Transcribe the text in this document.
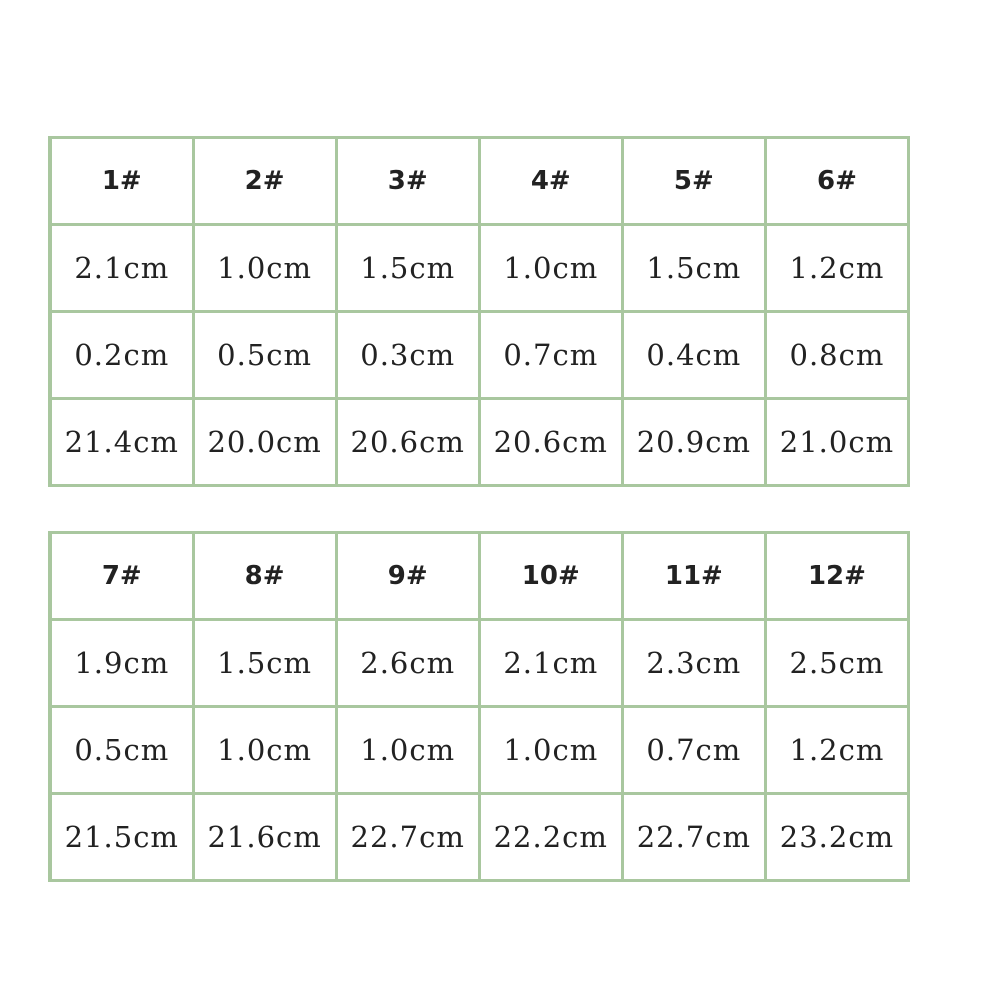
1#	2#	3#	4#	5#	6#
2.1cm	1.0cm	1.5cm	1.0cm	1.5cm	1.2cm
0.2cm	0.5cm	0.3cm	0.7cm	0.4cm	0.8cm
21.4cm	20.0cm	20.6cm	20.6cm	20.9cm	21.0cm
7#	8#	9#	10#	11#	12#
1.9cm	1.5cm	2.6cm	2.1cm	2.3cm	2.5cm
0.5cm	1.0cm	1.0cm	1.0cm	0.7cm	1.2cm
21.5cm	21.6cm	22.7cm	22.2cm	22.7cm	23.2cm
